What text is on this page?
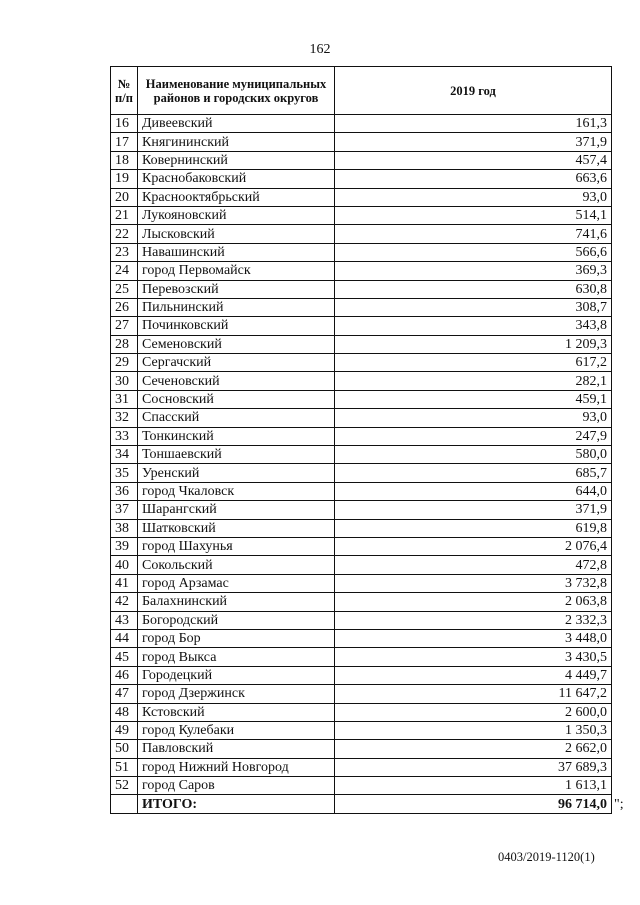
162
№ п/п	Наименование муниципальных районов и городских округов	2019 год
16	Дивеевский	161,3
17	Княгининский	371,9
18	Ковернинский	457,4
19	Краснобаковский	663,6
20	Краснооктябрьский	93,0
21	Лукояновский	514,1
22	Лысковский	741,6
23	Навашинский	566,6
24	город Первомайск	369,3
25	Перевозский	630,8
26	Пильнинский	308,7
27	Починковский	343,8
28	Семеновский	1 209,3
29	Сергачский	617,2
30	Сеченовский	282,1
31	Сосновский	459,1
32	Спасский	93,0
33	Тонкинский	247,9
34	Тоншаевский	580,0
35	Уренский	685,7
36	город Чкаловск	644,0
37	Шарангский	371,9
38	Шатковский	619,8
39	город Шахунья	2 076,4
40	Сокольский	472,8
41	город Арзамас	3 732,8
42	Балахнинский	2 063,8
43	Богородский	2 332,3
44	город Бор	3 448,0
45	город Выкса	3 430,5
46	Городецкий	4 449,7
47	город Дзержинск	11 647,2
48	Кстовский	2 600,0
49	город Кулебаки	1 350,3
50	Павловский	2 662,0
51	город Нижний Новгород	37 689,3
52	город Саров	1 613,1
	ИТОГО:	96 714,0 ";
0403/2019-1120(1)
